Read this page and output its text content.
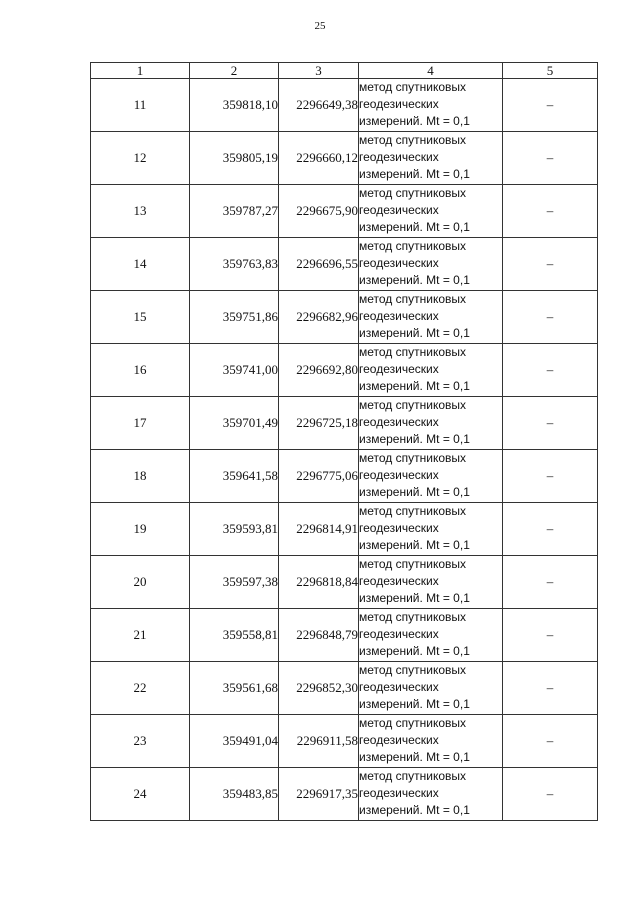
25
1	2	3	4	5
11	359818,10	2296649,38	метод спутниковых
геодезических
измерений. Mt = 0,1	–
12	359805,19	2296660,12	метод спутниковых
геодезических
измерений. Mt = 0,1	–
13	359787,27	2296675,90	метод спутниковых
геодезических
измерений. Mt = 0,1	–
14	359763,83	2296696,55	метод спутниковых
геодезических
измерений. Mt = 0,1	–
15	359751,86	2296682,96	метод спутниковых
геодезических
измерений. Mt = 0,1	–
16	359741,00	2296692,80	метод спутниковых
геодезических
измерений. Mt = 0,1	–
17	359701,49	2296725,18	метод спутниковых
геодезических
измерений. Mt = 0,1	–
18	359641,58	2296775,06	метод спутниковых
геодезических
измерений. Mt = 0,1	–
19	359593,81	2296814,91	метод спутниковых
геодезических
измерений. Mt = 0,1	–
20	359597,38	2296818,84	метод спутниковых
геодезических
измерений. Mt = 0,1	–
21	359558,81	2296848,79	метод спутниковых
геодезических
измерений. Mt = 0,1	–
22	359561,68	2296852,30	метод спутниковых
геодезических
измерений. Mt = 0,1	–
23	359491,04	2296911,58	метод спутниковых
геодезических
измерений. Mt = 0,1	–
24	359483,85	2296917,35	метод спутниковых
геодезических
измерений. Mt = 0,1	–
